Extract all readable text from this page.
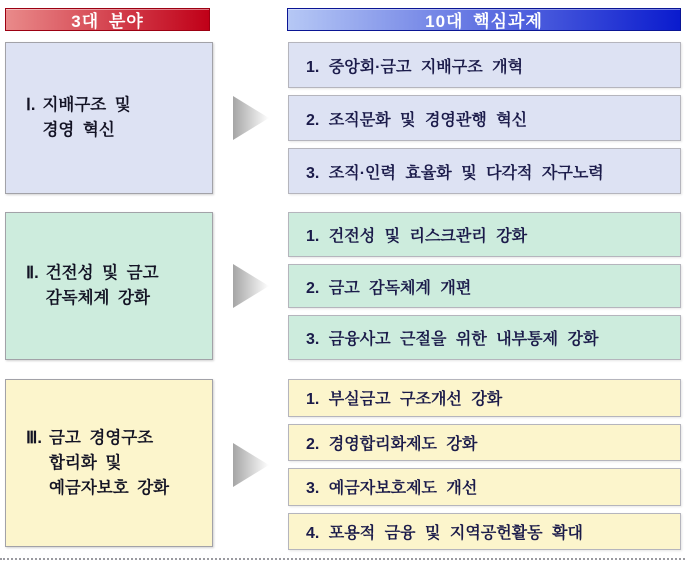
3대 분야	10대 핵심과제
Ⅰ. 지배구조 및
경영 혁신
1. 중앙회·금고 지배구조 개혁
2. 조직문화 및 경영관행 혁신
3. 조직·인력 효율화 및 다각적 자구노력
Ⅱ. 건전성 및 금고
감독체계 강화
1. 건전성 및 리스크관리 강화
2. 금고 감독체계 개편
3. 금융사고 근절을 위한 내부통제 강화
Ⅲ. 금고 경영구조
합리화 및
예금자보호 강화
1. 부실금고 구조개선 강화
2. 경영합리화제도 강화
3. 예금자보호제도 개선
4. 포용적 금융 및 지역공헌활동 확대
